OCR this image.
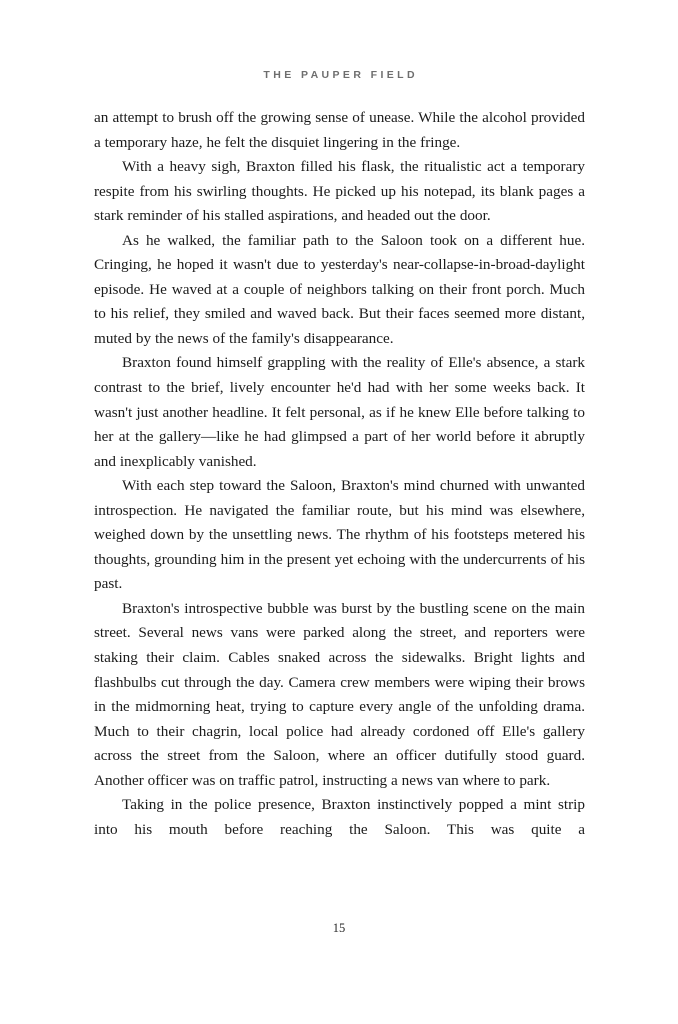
THE PAUPER FIELD

an attempt to brush off the growing sense of unease. While the alcohol provided a temporary haze, he felt the disquiet lingering in the fringe.

With a heavy sigh, Braxton filled his flask, the ritualistic act a temporary respite from his swirling thoughts. He picked up his notepad, its blank pages a stark reminder of his stalled aspirations, and headed out the door.

As he walked, the familiar path to the Saloon took on a different hue. Cringing, he hoped it wasn't due to yesterday's near-collapse-in-broad-daylight episode. He waved at a couple of neighbors talking on their front porch. Much to his relief, they smiled and waved back. But their faces seemed more distant, muted by the news of the family's disappearance.

Braxton found himself grappling with the reality of Elle's absence, a stark contrast to the brief, lively encounter he'd had with her some weeks back. It wasn't just another headline. It felt personal, as if he knew Elle before talking to her at the gallery—like he had glimpsed a part of her world before it abruptly and inexplicably vanished.

With each step toward the Saloon, Braxton's mind churned with unwanted introspection. He navigated the familiar route, but his mind was elsewhere, weighed down by the unsettling news. The rhythm of his footsteps metered his thoughts, grounding him in the present yet echoing with the undercurrents of his past.

Braxton's introspective bubble was burst by the bustling scene on the main street. Several news vans were parked along the street, and reporters were staking their claim. Cables snaked across the sidewalks. Bright lights and flashbulbs cut through the day. Camera crew members were wiping their brows in the midmorning heat, trying to capture every angle of the unfolding drama. Much to their chagrin, local police had already cordoned off Elle's gallery across the street from the Saloon, where an officer dutifully stood guard. Another officer was on traffic patrol, instructing a news van where to park.

Taking in the police presence, Braxton instinctively popped a mint strip into his mouth before reaching the Saloon. This was quite a

15
